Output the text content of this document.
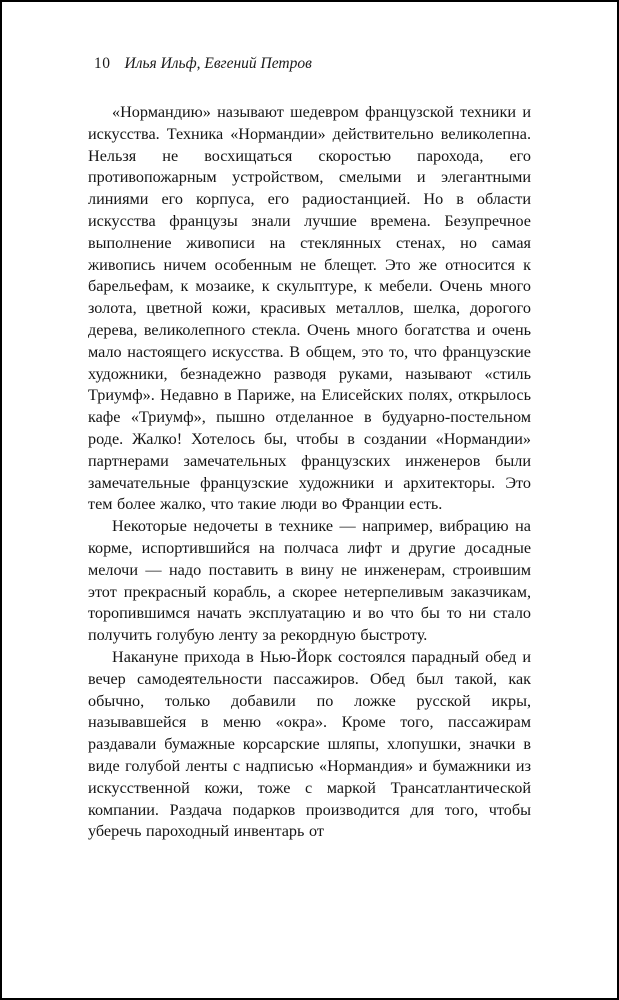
10 Илья Ильф, Евгений Петров

«Нормандию» называют шедевром французской техники и искусства. Техника «Нормандии» действительно великолепна. Нельзя не восхищаться скоростью парохода, его противопожарным устройством, смелыми и элегантными линиями его корпуса, его радиостанцией. Но в области искусства французы знали лучшие времена. Безупречное выполнение живописи на стеклянных стенах, но самая живопись ничем особенным не блещет. Это же относится к барельефам, к мозаике, к скульптуре, к мебели. Очень много золота, цветной кожи, красивых металлов, шелка, дорогого дерева, великолепного стекла. Очень много богатства и очень мало настоящего искусства. В общем, это то, что французские художники, безнадежно разводя руками, называют «стиль Триумф». Недавно в Париже, на Елисейских полях, открылось кафе «Триумф», пышно отделанное в будуарно-постельном роде. Жалко! Хотелось бы, чтобы в создании «Нормандии» партнерами замечательных французских инженеров были замечательные французские художники и архитекторы. Это тем более жалко, что такие люди во Франции есть.

Некоторые недочеты в технике — например, вибрацию на корме, испортившийся на полчаса лифт и другие досадные мелочи — надо поставить в вину не инженерам, строившим этот прекрасный корабль, а скорее нетерпеливым заказчикам, торопившимся начать эксплуатацию и во что бы то ни стало получить голубую ленту за рекордную быстроту.

Накануне прихода в Нью-Йорк состоялся парадный обед и вечер самодеятельности пассажиров. Обед был такой, как обычно, только добавили по ложке русской икры, называвшейся в меню «окра». Кроме того, пассажирам раздавали бумажные корсарские шляпы, хлопушки, значки в виде голубой ленты с надписью «Нормандия» и бумажники из искусственной кожи, тоже с маркой Трансатлантической компании. Раздача подарков производится для того, чтобы уберечь пароходный инвентарь от
